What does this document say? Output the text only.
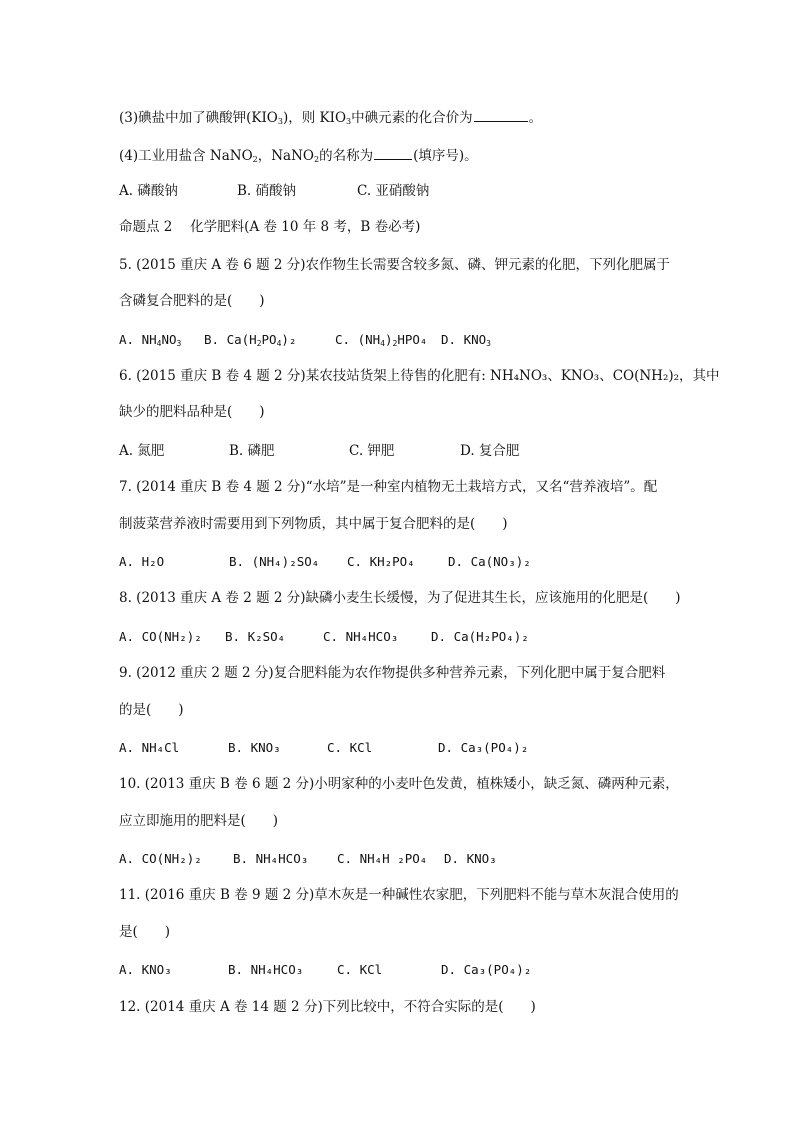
(3)碘盐中加了碘酸钾$(KIO_3)$，则 $KIO_3$中碘元素的化合价为	。
(4)工业用盐含 NaNO$_2$，NaNO$_2$的名称为	(填序号)。
A. 磷酸钠	B. 硝酸钠	C. 亚硝酸钠
命题点 2　 化学肥料(A 卷 10 年 8 考，B 卷必考)
5. (2015 重庆 A 卷 6 题 2 分)农作物生长需要含较多氮、磷、钾元素的化肥，下列化肥属于
含磷复合肥料的是(　　)
A. $NH_4NO_3$ B. $Ca(H_2PO_4)_2$	C. $(NH_4)_2HPO_4$ D. $KNO_3$
6. (2015 重庆 B 卷 4 题 2 分)某农技站货架上待售的化肥有: NH₄NO₃、KNO₃、CO(NH₂)₂，其中
缺少的肥料品种是(　　)
A. 氮肥	B. 磷肥	C. 钾肥	D. 复合肥
7. (2014 重庆 B 卷 4 题 2 分)“水培”是一种室内植物无土栽培方式，又名“营养液培”。配
制菠菜营养液时需要用到下列物质，其中属于复合肥料的是(　　)
A. H₂O	B. (NH₄)₂SO₄ C. KH₂PO₄	D. Ca(NO₃)₂
8. (2013 重庆 A 卷 2 题 2 分)缺磷小麦生长缓慢，为了促进其生长，应该施用的化肥是(　　)
A. CO(NH₂)₂ B. K₂SO₄	C. NH₄HCO₃	D. Ca(H₂PO₄)₂
9. (2012 重庆 2 题 2 分)复合肥料能为农作物提供多种营养元素，下列化肥中属于复合肥料
的是(　　)
A. NH₄Cl	B. KNO₃	C. KCl	D. Ca₃(PO₄)₂
10. (2013 重庆 B 卷 6 题 2 分)小明家种的小麦叶色发黄，植株矮小，缺乏氮、磷两种元素，
应立即施用的肥料是(　　)
A. CO(NH₂)₂ B. NH₄HCO₃ C. NH₄H ₂PO₄ D. KNO₃
11. (2016 重庆 B 卷 9 题 2 分)草木灰是一种碱性农家肥，下列肥料不能与草木灰混合使用的
是(　　)
A. KNO₃	B. NH₄HCO₃	C. KCl	D. Ca₃(PO₄)₂
12. (2014 重庆 A 卷 14 题 2 分)下列比较中，不符合实际的是(　　)
